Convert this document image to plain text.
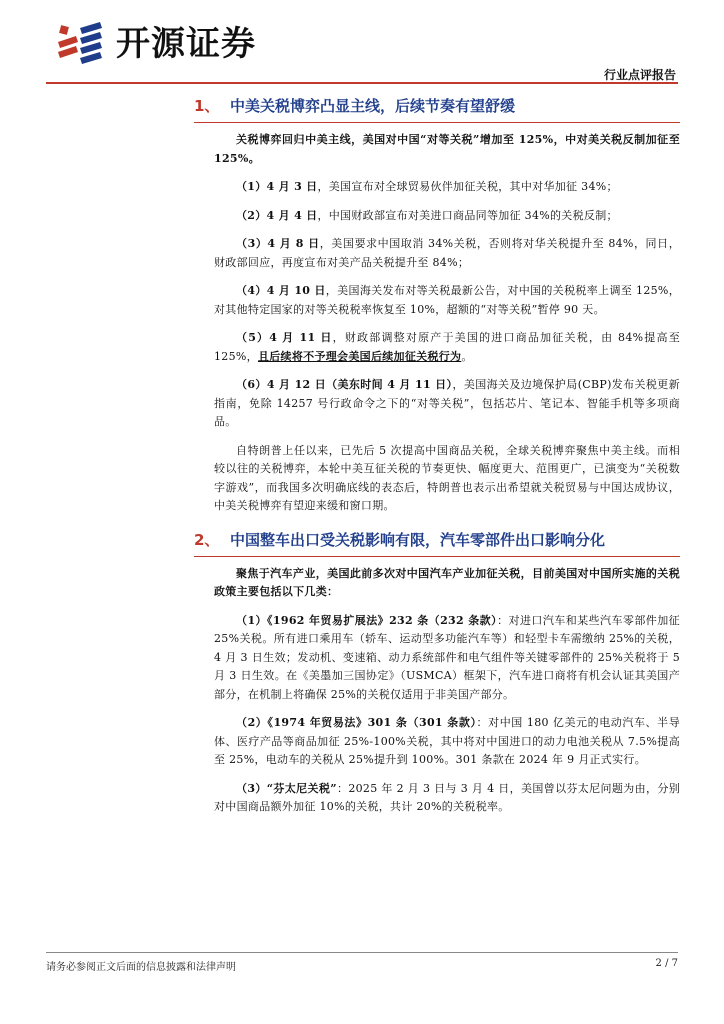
开源证券
行业点评报告
1、 中美关税博弈凸显主线，后续节奏有望舒缓

关税博弈回归中美主线，美国对中国“对等关税”增加至 125%，中对美关税反制加征至 125%。

（1）4 月 3 日，美国宣布对全球贸易伙伴加征关税，其中对华加征 34%；

（2）4 月 4 日，中国财政部宣布对美进口商品同等加征 34%的关税反制；

（3）4 月 8 日，美国要求中国取消 34%关税，否则将对华关税提升至 84%，同日，财政部回应，再度宣布对美产品关税提升至 84%；

（4）4 月 10 日，美国海关发布对等关税最新公告，对中国的关税税率上调至 125%，对其他特定国家的对等关税税率恢复至 10%，超额的“对等关税”暂停 90 天。

（5）4 月 11 日，财政部调整对原产于美国的进口商品加征关税，由 84%提高至 125%，且后续将不予理会美国后续加征关税行为。

（6）4 月 12 日（美东时间 4 月 11 日），美国海关及边境保护局(CBP)发布关税更新指南，免除 14257 号行政命令之下的“对等关税”，包括芯片、笔记本、智能手机等多项商品。

自特朗普上任以来，已先后 5 次提高中国商品关税，全球关税博弈聚焦中美主线。而相较以往的关税博弈，本轮中美互征关税的节奏更快、幅度更大、范围更广，已演变为“关税数字游戏”，而我国多次明确底线的表态后，特朗普也表示出希望就关税贸易与中国达成协议，中美关税博弈有望迎来缓和窗口期。

2、 中国整车出口受关税影响有限，汽车零部件出口影响分化

聚焦于汽车产业，美国此前多次对中国汽车产业加征关税，目前美国对中国所实施的关税政策主要包括以下几类：

（1）《1962 年贸易扩展法》232 条（232 条款）：对进口汽车和某些汽车零部件加征 25%关税。所有进口乘用车（轿车、运动型多功能汽车等）和轻型卡车需缴纳 25%的关税，4 月 3 日生效；发动机、变速箱、动力系统部件和电气组件等关键零部件的 25%关税将于 5 月 3 日生效。在《美墨加三国协定》（USMCA）框架下，汽车进口商将有机会认证其美国产部分，在机制上将确保 25%的关税仅适用于非美国产部分。

（2）《1974 年贸易法》301 条（301 条款）：对中国 180 亿美元的电动汽车、半导体、医疗产品等商品加征 25%-100%关税，其中将对中国进口的动力电池关税从 7.5%提高至 25%，电动车的关税从 25%提升到 100%。301 条款在 2024 年 9 月正式实行。

（3）“芬太尼关税”：2025 年 2 月 3 日与 3 月 4 日，美国曾以芬太尼问题为由，分别对中国商品额外加征 10%的关税，共计 20%的关税税率。

请务必参阅正文后面的信息披露和法律声明	2 / 7
